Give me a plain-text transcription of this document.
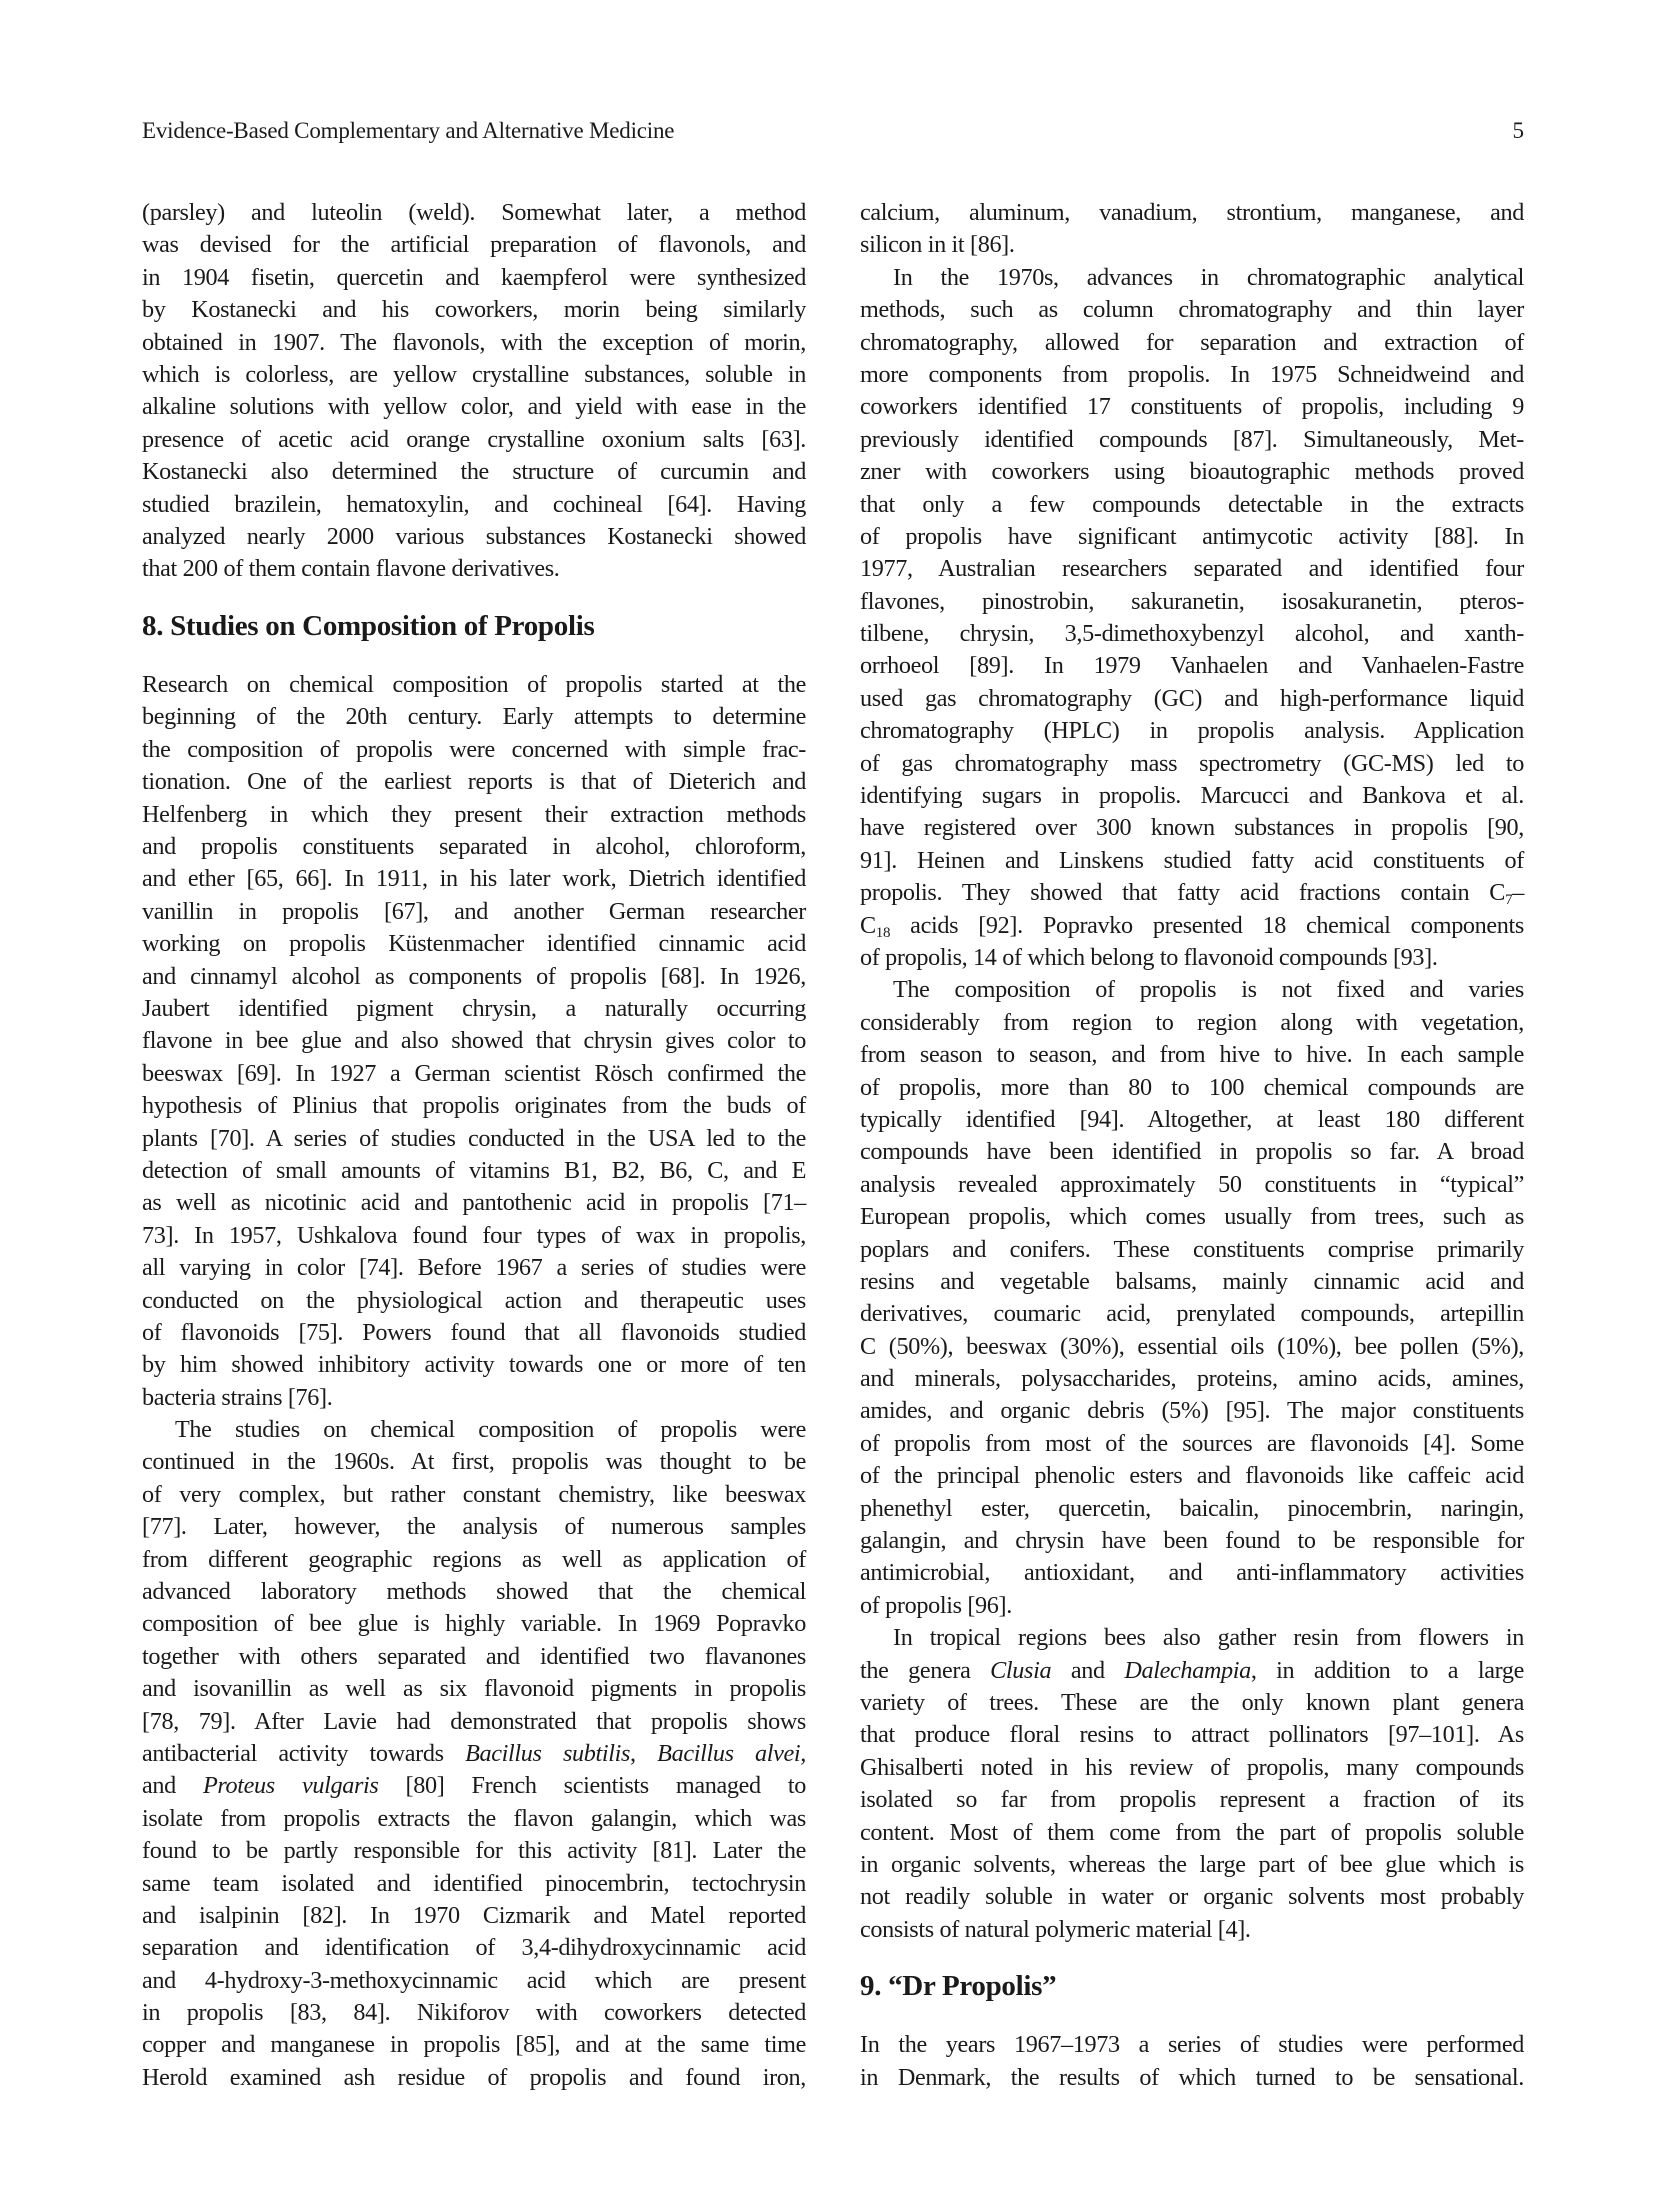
Evidence-Based Complementary and Alternative Medicine	5
(parsley) and luteolin (weld). Somewhat later, a method
was devised for the artificial preparation of flavonols, and
in 1904 fisetin, quercetin and kaempferol were synthesized
by Kostanecki and his coworkers, morin being similarly
obtained in 1907. The flavonols, with the exception of morin,
which is colorless, are yellow crystalline substances, soluble in
alkaline solutions with yellow color, and yield with ease in the
presence of acetic acid orange crystalline oxonium salts [63].
Kostanecki also determined the structure of curcumin and
studied brazilein, hematoxylin, and cochineal [64]. Having
analyzed nearly 2000 various substances Kostanecki showed
that 200 of them contain flavone derivatives.
8. Studies on Composition of Propolis
Research on chemical composition of propolis started at the
beginning of the 20th century. Early attempts to determine
the composition of propolis were concerned with simple frac-
tionation. One of the earliest reports is that of Dieterich and
Helfenberg in which they present their extraction methods
and propolis constituents separated in alcohol, chloroform,
and ether [65, 66]. In 1911, in his later work, Dietrich identified
vanillin in propolis [67], and another German researcher
working on propolis Küstenmacher identified cinnamic acid
and cinnamyl alcohol as components of propolis [68]. In 1926,
Jaubert identified pigment chrysin, a naturally occurring
flavone in bee glue and also showed that chrysin gives color to
beeswax [69]. In 1927 a German scientist Rösch confirmed the
hypothesis of Plinius that propolis originates from the buds of
plants [70]. A series of studies conducted in the USA led to the
detection of small amounts of vitamins B1, B2, B6, C, and E
as well as nicotinic acid and pantothenic acid in propolis [71–
73]. In 1957, Ushkalova found four types of wax in propolis,
all varying in color [74]. Before 1967 a series of studies were
conducted on the physiological action and therapeutic uses
of flavonoids [75]. Powers found that all flavonoids studied
by him showed inhibitory activity towards one or more of ten
bacteria strains [76].
The studies on chemical composition of propolis were
continued in the 1960s. At first, propolis was thought to be
of very complex, but rather constant chemistry, like beeswax
[77]. Later, however, the analysis of numerous samples
from different geographic regions as well as application of
advanced laboratory methods showed that the chemical
composition of bee glue is highly variable. In 1969 Popravko
together with others separated and identified two flavanones
and isovanillin as well as six flavonoid pigments in propolis
[78, 79]. After Lavie had demonstrated that propolis shows
antibacterial activity towards Bacillus subtilis, Bacillus alvei,
and Proteus vulgaris [80] French scientists managed to
isolate from propolis extracts the flavon galangin, which was
found to be partly responsible for this activity [81]. Later the
same team isolated and identified pinocembrin, tectochrysin
and isalpinin [82]. In 1970 Cizmarik and Matel reported
separation and identification of 3,4-dihydroxycinnamic acid
and 4-hydroxy-3-methoxycinnamic acid which are present
in propolis [83, 84]. Nikiforov with coworkers detected
copper and manganese in propolis [85], and at the same time
Herold examined ash residue of propolis and found iron,
calcium, aluminum, vanadium, strontium, manganese, and
silicon in it [86].
In the 1970s, advances in chromatographic analytical
methods, such as column chromatography and thin layer
chromatography, allowed for separation and extraction of
more components from propolis. In 1975 Schneidweind and
coworkers identified 17 constituents of propolis, including 9
previously identified compounds [87]. Simultaneously, Met-
zner with coworkers using bioautographic methods proved
that only a few compounds detectable in the extracts
of propolis have significant antimycotic activity [88]. In
1977, Australian researchers separated and identified four
flavones, pinostrobin, sakuranetin, isosakuranetin, pteros-
tilbene, chrysin, 3,5-dimethoxybenzyl alcohol, and xanth-
orrhoeol [89]. In 1979 Vanhaelen and Vanhaelen-Fastre
used gas chromatography (GC) and high-performance liquid
chromatography (HPLC) in propolis analysis. Application
of gas chromatography mass spectrometry (GC-MS) led to
identifying sugars in propolis. Marcucci and Bankova et al.
have registered over 300 known substances in propolis [90,
91]. Heinen and Linskens studied fatty acid constituents of
propolis. They showed that fatty acid fractions contain $C_7-$
$C_{18}$ acids [92]. Popravko presented 18 chemical components
of propolis, 14 of which belong to flavonoid compounds [93].
The composition of propolis is not fixed and varies
considerably from region to region along with vegetation,
from season to season, and from hive to hive. In each sample
of propolis, more than 80 to 100 chemical compounds are
typically identified [94]. Altogether, at least 180 different
compounds have been identified in propolis so far. A broad
analysis revealed approximately 50 constituents in “typical”
European propolis, which comes usually from trees, such as
poplars and conifers. These constituents comprise primarily
resins and vegetable balsams, mainly cinnamic acid and
derivatives, coumaric acid, prenylated compounds, artepillin
C (50%), beeswax (30%), essential oils (10%), bee pollen (5%),
and minerals, polysaccharides, proteins, amino acids, amines,
amides, and organic debris (5%) [95]. The major constituents
of propolis from most of the sources are flavonoids [4]. Some
of the principal phenolic esters and flavonoids like caffeic acid
phenethyl ester, quercetin, baicalin, pinocembrin, naringin,
galangin, and chrysin have been found to be responsible for
antimicrobial, antioxidant, and anti-inflammatory activities
of propolis [96].
In tropical regions bees also gather resin from flowers in
the genera Clusia and Dalechampia, in addition to a large
variety of trees. These are the only known plant genera
that produce floral resins to attract pollinators [97–101]. As
Ghisalberti noted in his review of propolis, many compounds
isolated so far from propolis represent a fraction of its
content. Most of them come from the part of propolis soluble
in organic solvents, whereas the large part of bee glue which is
not readily soluble in water or organic solvents most probably
consists of natural polymeric material [4].
9. “Dr Propolis”
In the years 1967–1973 a series of studies were performed
in Denmark, the results of which turned to be sensational.
